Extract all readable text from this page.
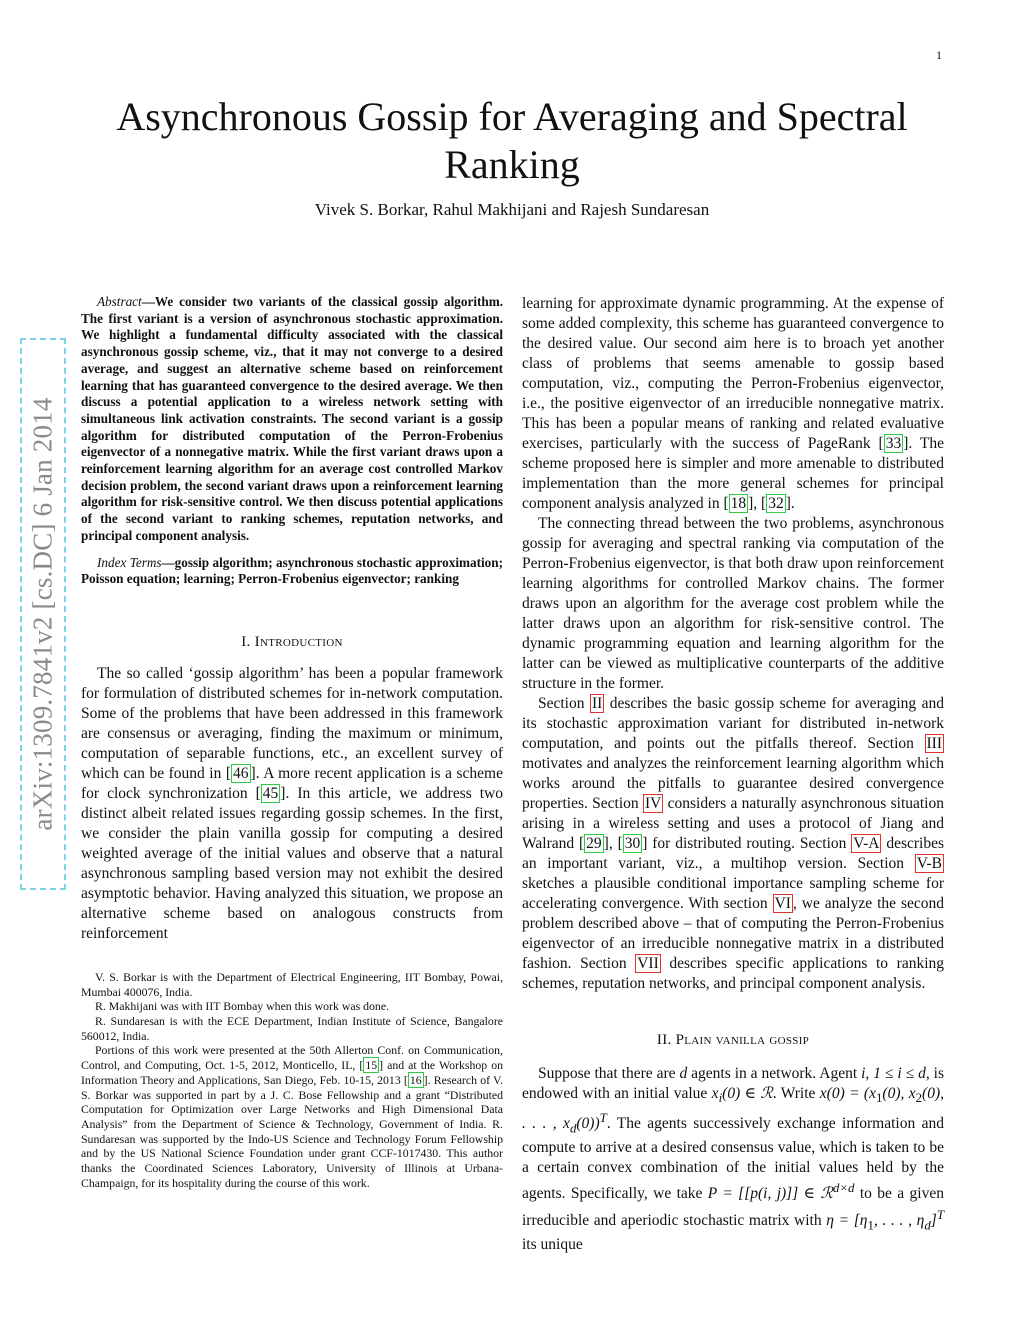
1
arXiv:1309.7841v2 [cs.DC] 6 Jan 2014
Asynchronous Gossip for Averaging and Spectral Ranking
Vivek S. Borkar, Rahul Makhijani and Rajesh Sundaresan

Abstract—We consider two variants of the classical gossip algorithm. The first variant is a version of asynchronous stochastic approximation. We highlight a fundamental difficulty associated with the classical asynchronous gossip scheme, viz., that it may not converge to a desired average, and suggest an alternative scheme based on reinforcement learning that has guaranteed convergence to the desired average. We then discuss a potential application to a wireless network setting with simultaneous link activation constraints. The second variant is a gossip algorithm for distributed computation of the Perron-Frobenius eigenvector of a nonnegative matrix. While the first variant draws upon a reinforcement learning algorithm for an average cost controlled Markov decision problem, the second variant draws upon a reinforcement learning algorithm for risk-sensitive control. We then discuss potential applications of the second variant to ranking schemes, reputation networks, and principal component analysis.

Index Terms—gossip algorithm; asynchronous stochastic approximation; Poisson equation; learning; Perron-Frobenius eigenvector; ranking

I. Introduction

The so called ‘gossip algorithm’ has been a popular framework for formulation of distributed schemes for in-network computation. Some of the problems that have been addressed in this framework are consensus or averaging, finding the maximum or minimum, computation of separable functions, etc., an excellent survey of which can be found in [ 46 ]. A more recent application is a scheme for clock synchronization [ 45 ]. In this article, we address two distinct albeit related issues regarding gossip schemes. In the first, we consider the plain vanilla gossip for computing a desired weighted average of the initial values and observe that a natural asynchronous sampling based version may not exhibit the desired asymptotic behavior. Having analyzed this situation, we propose an alternative scheme based on analogous constructs from reinforcement

V. S. Borkar is with the Department of Electrical Engineering, IIT Bombay, Powai, Mumbai 400076, India.

R. Makhijani was with IIT Bombay when this work was done.

R. Sundaresan is with the ECE Department, Indian Institute of Science, Bangalore 560012, India.

Portions of this work were presented at the 50th Allerton Conf. on Communication, Control, and Computing, Oct. 1-5, 2012, Monticello, IL, [ 15 ] and at the Workshop on Information Theory and Applications, San Diego, Feb. 10-15, 2013 [ 16 ]. Research of V. S. Borkar was supported in part by a J. C. Bose Fellowship and a grant “Distributed Computation for Optimization over Large Networks and High Dimensional Data Analysis” from the Department of Science & Technology, Government of India. R. Sundaresan was supported by the Indo-US Science and Technology Forum Fellowship and by the US National Science Foundation under grant CCF-1017430. This author thanks the Coordinated Sciences Laboratory, University of Illinois at Urbana-Champaign, for its hospitality during the course of this work.

learning for approximate dynamic programming. At the expense of some added complexity, this scheme has guaranteed convergence to the desired value. Our second aim here is to broach yet another class of problems that seems amenable to gossip based computation, viz., computing the Perron-Frobenius eigenvector, i.e., the positive eigenvector of an irreducible nonnegative matrix. This has been a popular means of ranking and related evaluative exercises, particularly with the success of PageRank [ 33 ]. The scheme proposed here is simpler and more amenable to distributed implementation than the more general schemes for principal component analysis analyzed in [ 18 ], [ 32 ].

The connecting thread between the two problems, asynchronous gossip for averaging and spectral ranking via computation of the Perron-Frobenius eigenvector, is that both draw upon reinforcement learning algorithms for controlled Markov chains. The former draws upon an algorithm for the average cost problem while the latter draws upon an algorithm for risk-sensitive control. The dynamic programming equation and learning algorithm for the latter can be viewed as multiplicative counterparts of the additive structure in the former.

Section II describes the basic gossip scheme for averaging and its stochastic approximation variant for distributed in-network computation, and points out the pitfalls thereof. Section III motivates and analyzes the reinforcement learning algorithm which works around the pitfalls to guarantee desired convergence properties. Section IV considers a naturally asynchronous situation arising in a wireless setting and uses a protocol of Jiang and Walrand [ 29 ], [ 30 ] for distributed routing. Section V-A describes an important variant, viz., a multihop version. Section V-B sketches a plausible conditional importance sampling scheme for accelerating convergence. With section VI , we analyze the second problem described above – that of computing the Perron-Frobenius eigenvector of an irreducible nonnegative matrix in a distributed fashion. Section VII describes specific applications to ranking schemes, reputation networks, and principal component analysis.

II. Plain vanilla gossip

Suppose that there are d agents in a network. Agent i, 1 ≤ i ≤ d, is endowed with an initial value $x_i(0)$ ∈ ℛ. Write $x(0) = (x_1(0)$, $x_2(0)$, . . . , $x_d(0))^T$. The agents successively exchange information and compute to arrive at a desired consensus value, which is taken to be a certain convex combination of the initial values held by the agents. Specifically, we take P = [[p(i, j)]] ∈ ℛ$^{d\times d}$ to be a given irreducible and aperiodic stochastic matrix with $\eta = [\eta_1$, . . . , $\eta_d]^T$ its unique
